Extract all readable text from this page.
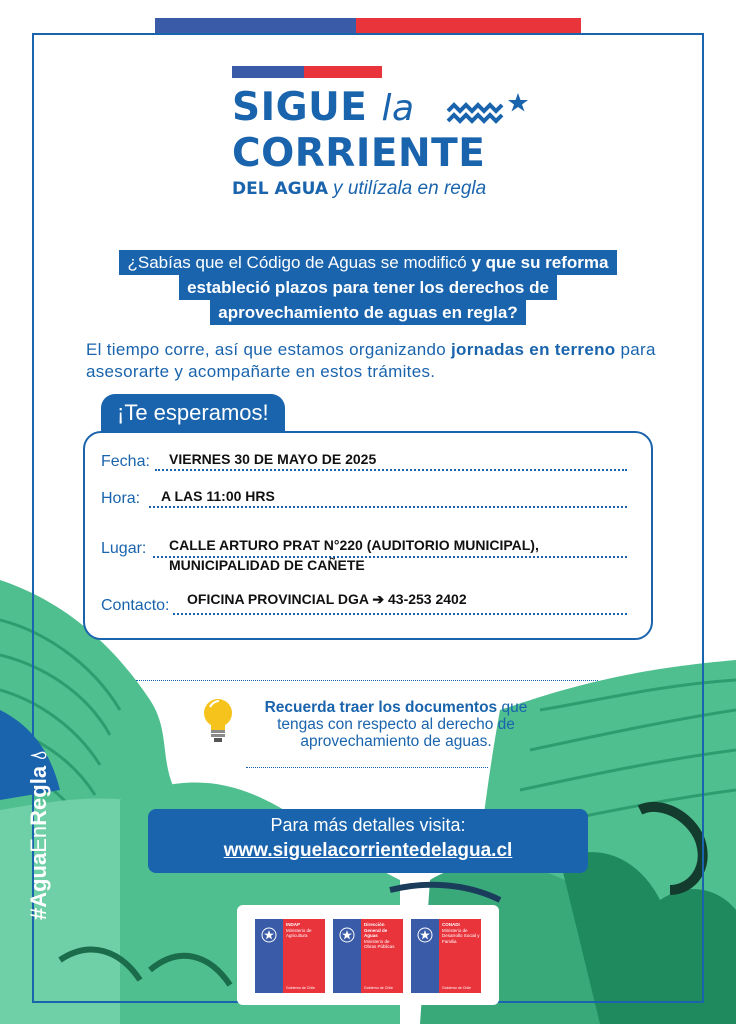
SIGUE la
CORRIENTE
DEL AGUA y utilízala en regla
¿Sabías que el Código de Aguas se modificó y que su reforma
estableció plazos para tener los derechos de
aprovechamiento de aguas en regla?
El tiempo corre, así que estamos organizando jornadas en terreno para asesorarte y acompañarte en estos trámites.
¡Te esperamos!
Fecha: VIERNES 30 DE MAYO DE 2025
Hora: A LAS 11:00 HRS
Lugar: CALLE ARTURO PRAT N°220 (AUDITORIO MUNICIPAL),
MUNICIPALIDAD DE CAÑETE
Contacto: OFICINA PROVINCIAL DGA ➔ 43-253 2402
Recuerda traer los documentos que tengas con respecto al derecho de aprovechamiento de aguas.
Para más detalles visita:
www.siguelacorrientedelagua.cl
#AguaEnRegla 💧︎
INDAP
Ministerio de Agricultura
Gobierno de Chile
Dirección General de Aguas
Ministerio de Obras Públicas
Gobierno de Chile
CONADI
Ministerio de Desarrollo Social y Familia
Gobierno de Chile
